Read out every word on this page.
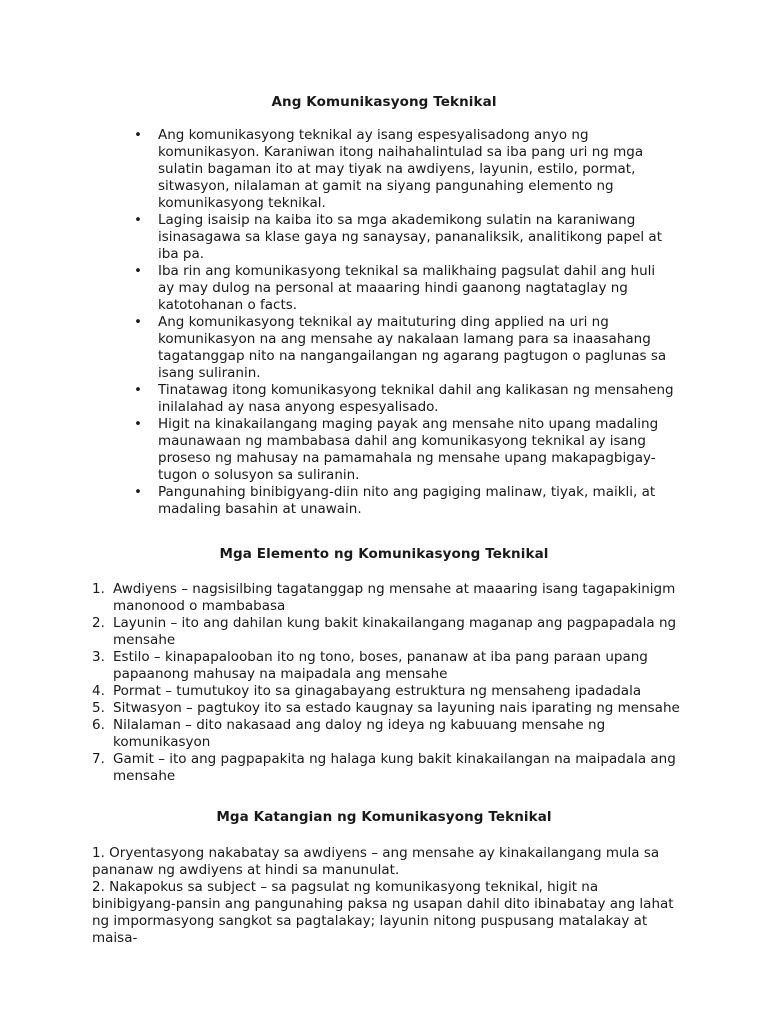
Ang Komunikasyong Teknikal
• Ang komunikasyong teknikal ay isang espesyalisadong anyo ng komunikasyon. Karaniwan itong naihahalintulad sa iba pang uri ng mga sulatin bagaman ito at may tiyak na awdiyens, layunin, estilo, pormat, sitwasyon, nilalaman at gamit na siyang pangunahing elemento ng komunikasyong teknikal.
• Laging isaisip na kaiba ito sa mga akademikong sulatin na karaniwang isinasagawa sa klase gaya ng sanaysay, pananaliksik, analitikong papel at iba pa.
• Iba rin ang komunikasyong teknikal sa malikhaing pagsulat dahil ang huli ay may dulog na personal at maaaring hindi gaanong nagtataglay ng katotohanan o facts.
• Ang komunikasyong teknikal ay maituturing ding applied na uri ng komunikasyon na ang mensahe ay nakalaan lamang para sa inaasahang tagatanggap nito na nangangailangan ng agarang pagtugon o paglunas sa isang suliranin.
• Tinatawag itong komunikasyong teknikal dahil ang kalikasan ng mensaheng inilalahad ay nasa anyong espesyalisado.
• Higit na kinakailangang maging payak ang mensahe nito upang madaling maunawaan ng mambabasa dahil ang komunikasyong teknikal ay isang proseso ng mahusay na pamamahala ng mensahe upang makapagbigay-tugon o solusyon sa suliranin.
• Pangunahing binibigyang-diin nito ang pagiging malinaw, tiyak, maikli, at madaling basahin at unawain.
Mga Elemento ng Komunikasyong Teknikal
1. Awdiyens – nagsisilbing tagatanggap ng mensahe at maaaring isang tagapakinigm manonood o mambabasa
2. Layunin – ito ang dahilan kung bakit kinakailangang maganap ang pagpapadala ng mensahe
3. Estilo – kinapapalooban ito ng tono, boses, pananaw at iba pang paraan upang papaanong mahusay na maipadala ang mensahe
4. Pormat – tumutukoy ito sa ginagabayang estruktura ng mensaheng ipadadala
5. Sitwasyon – pagtukoy ito sa estado kaugnay sa layuning nais iparating ng mensahe
6. Nilalaman – dito nakasaad ang daloy ng ideya ng kabuuang mensahe ng komunikasyon
7. Gamit – ito ang pagpapakita ng halaga kung bakit kinakailangan na maipadala ang mensahe
Mga Katangian ng Komunikasyong Teknikal

1. Oryentasyong nakabatay sa awdiyens – ang mensahe ay kinakailangang mula sa pananaw ng awdiyens at hindi sa manunulat.

2. Nakapokus sa subject – sa pagsulat ng komunikasyong teknikal, higit na binibigyang-pansin ang pangunahing paksa ng usapan dahil dito ibinabatay ang lahat ng impormasyong sangkot sa pagtalakay; layunin nitong puspusang matalakay at maisa-
